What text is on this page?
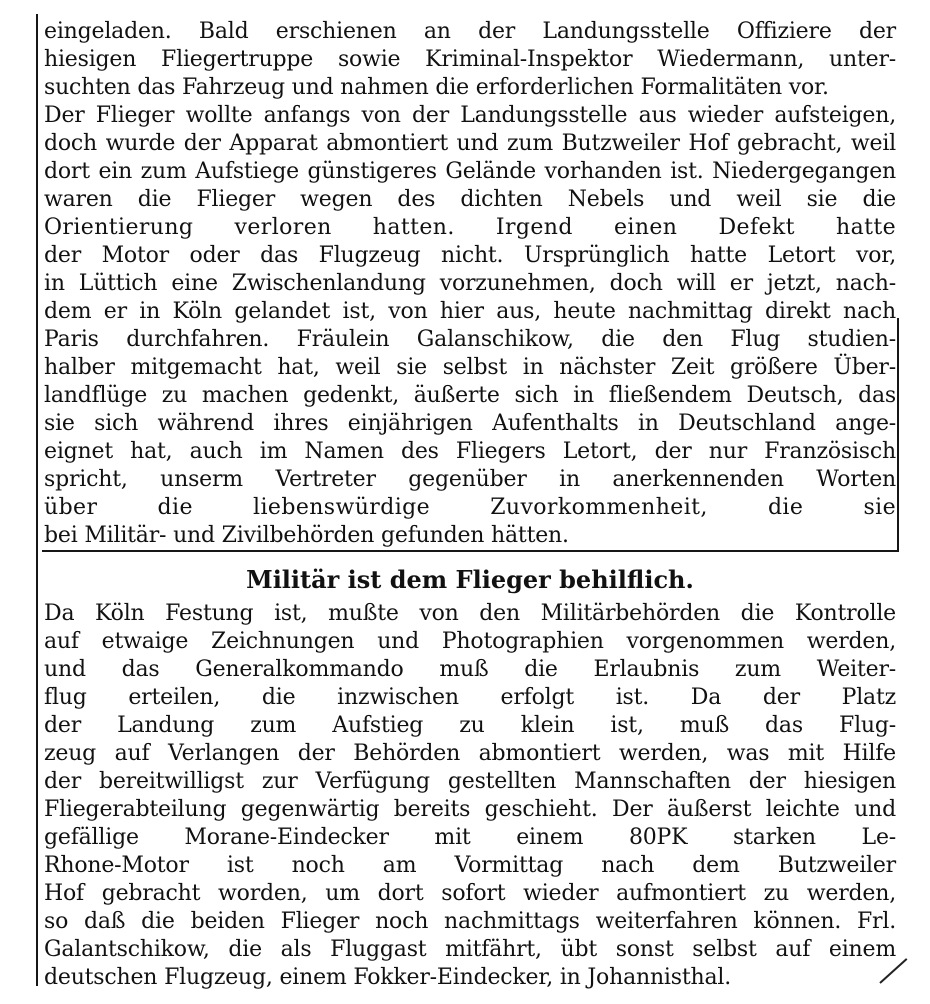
eingeladen. Bald erschienen an der Landungsstelle Offiziere der
hiesigen Fliegertruppe sowie Kriminal-Inspektor Wiedermann, unter-
suchten das Fahrzeug und nahmen die erforderlichen Formalitäten vor.
Der Flieger wollte anfangs von der Landungsstelle aus wieder aufsteigen,
doch wurde der Apparat abmontiert und zum Butzweiler Hof gebracht, weil
dort ein zum Aufstiege günstigeres Gelände vorhanden ist. Niedergegangen
waren die Flieger wegen des dichten Nebels und weil sie die
Orientierung verloren hatten. Irgend einen Defekt hatte
der Motor oder das Flugzeug nicht. Ursprünglich hatte Letort vor,
in Lüttich eine Zwischenlandung vorzunehmen, doch will er jetzt, nach-
dem er in Köln gelandet ist, von hier aus, heute nachmittag direkt nach
Paris durchfahren. Fräulein Galanschikow, die den Flug studien-
halber mitgemacht hat, weil sie selbst in nächster Zeit größere Über-
landflüge zu machen gedenkt, äußerte sich in fließendem Deutsch, das
sie sich während ihres einjährigen Aufenthalts in Deutschland ange-
eignet hat, auch im Namen des Fliegers Letort, der nur Französisch
spricht, unserm Vertreter gegenüber in anerkennenden Worten
über die liebenswürdige Zuvorkommenheit, die sie
bei Militär- und Zivilbehörden gefunden hätten.
Militär ist dem Flieger behilflich.
Da Köln Festung ist, mußte von den Militärbehörden die Kontrolle
auf etwaige Zeichnungen und Photographien vorgenommen werden,
und das Generalkommando muß die Erlaubnis zum Weiter-
flug erteilen, die inzwischen erfolgt ist. Da der Platz
der Landung zum Aufstieg zu klein ist, muß das Flug-
zeug auf Verlangen der Behörden abmontiert werden, was mit Hilfe
der bereitwilligst zur Verfügung gestellten Mannschaften der hiesigen
Fliegerabteilung gegenwärtig bereits geschieht. Der äußerst leichte und
gefällige Morane-Eindecker mit einem 80PK starken Le-
Rhone-Motor ist noch am Vormittag nach dem Butzweiler
Hof gebracht worden, um dort sofort wieder aufmontiert zu werden,
so daß die beiden Flieger noch nachmittags weiterfahren können. Frl.
Galantschikow, die als Fluggast mitfährt, übt sonst selbst auf einem
deutschen Flugzeug, einem Fokker-Eindecker, in Johannisthal.
